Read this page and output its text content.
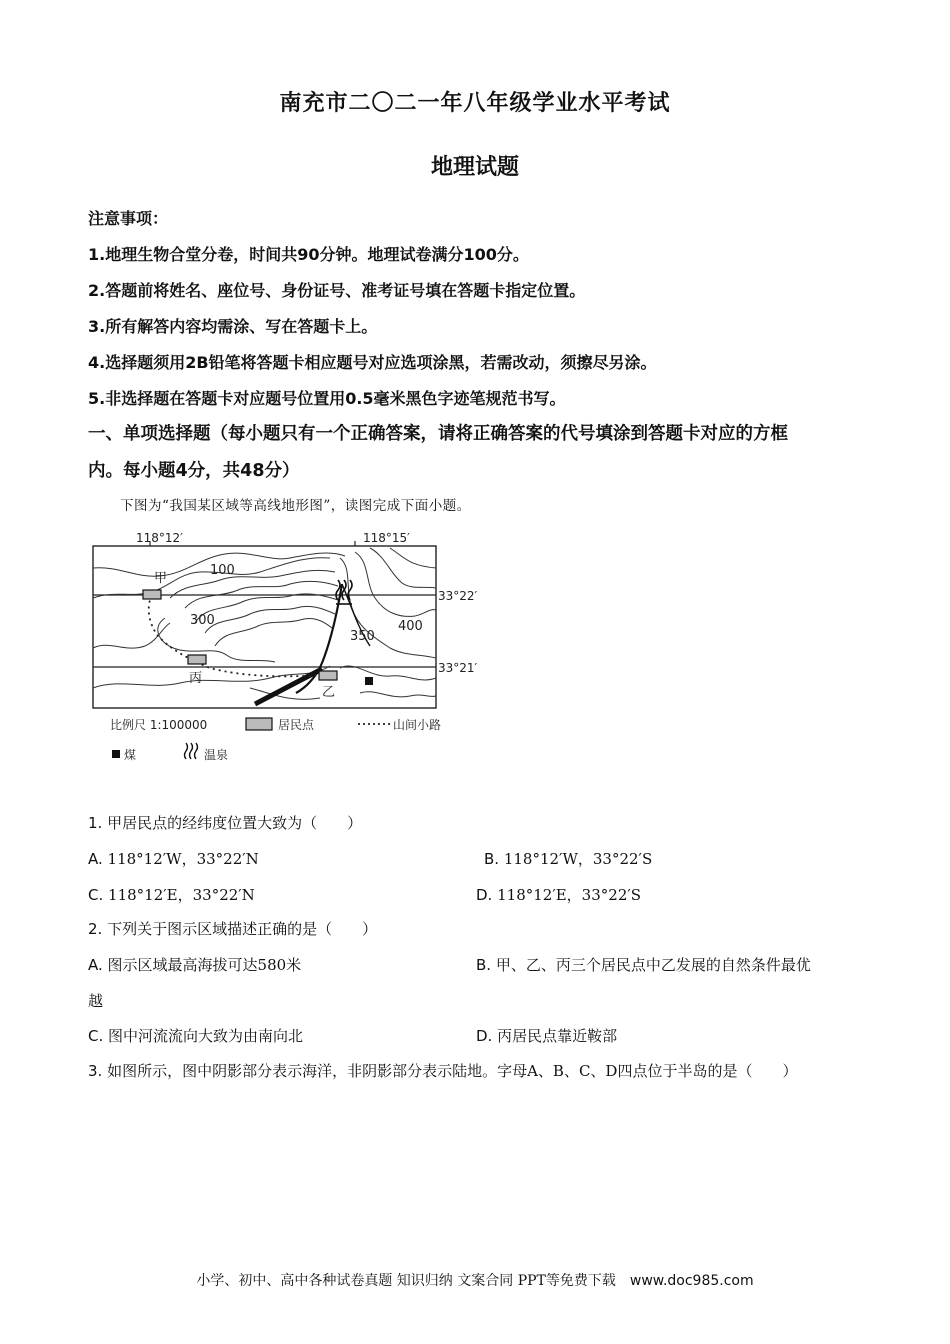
南充市二〇二一年八年级学业水平考试
地理试题
注意事项：
1.地理生物合堂分卷，时间共90分钟。地理试卷满分100分。
2.答题前将姓名、座位号、身份证号、准考证号填在答题卡指定位置。
3.所有解答内容均需涂、写在答题卡上。
4.选择题须用2B铅笔将答题卡相应题号对应选项涂黑，若需改动，须擦尽另涂。
5.非选择题在答题卡对应题号位置用0.5毫米黑色字迹笔规范书写。
一、单项选择题（每小题只有一个正确答案，请将正确答案的代号填涂到答题卡对应的方框
内。每小题4分，共48分）
下图为“我国某区域等高线地形图”，读图完成下面小题。
118°12′	118°15′
33°22′
33°21′
100
300
350
400
甲
丙
乙
比例尺 1:100000	居民点	山间小路
煤	温泉
1. 甲居民点的经纬度位置大致为（　　）
A. 118°12′W，33°22′N	B. 118°12′W，33°22′S
C. 118°12′E，33°22′N	D. 118°12′E，33°22′S
2. 下列关于图示区域描述正确的是（　　）
A. 图示区域最高海拔可达580米	B. 甲、乙、丙三个居民点中乙发展的自然条件最优
越
C. 图中河流流向大致为由南向北	D. 丙居民点靠近鞍部
3. 如图所示，图中阴影部分表示海洋，非阴影部分表示陆地。字母A、B、C、D四点位于半岛的是（　　）
小学、初中、高中各种试卷真题 知识归纳 文案合同 PPT等免费下载 www.doc985.com
